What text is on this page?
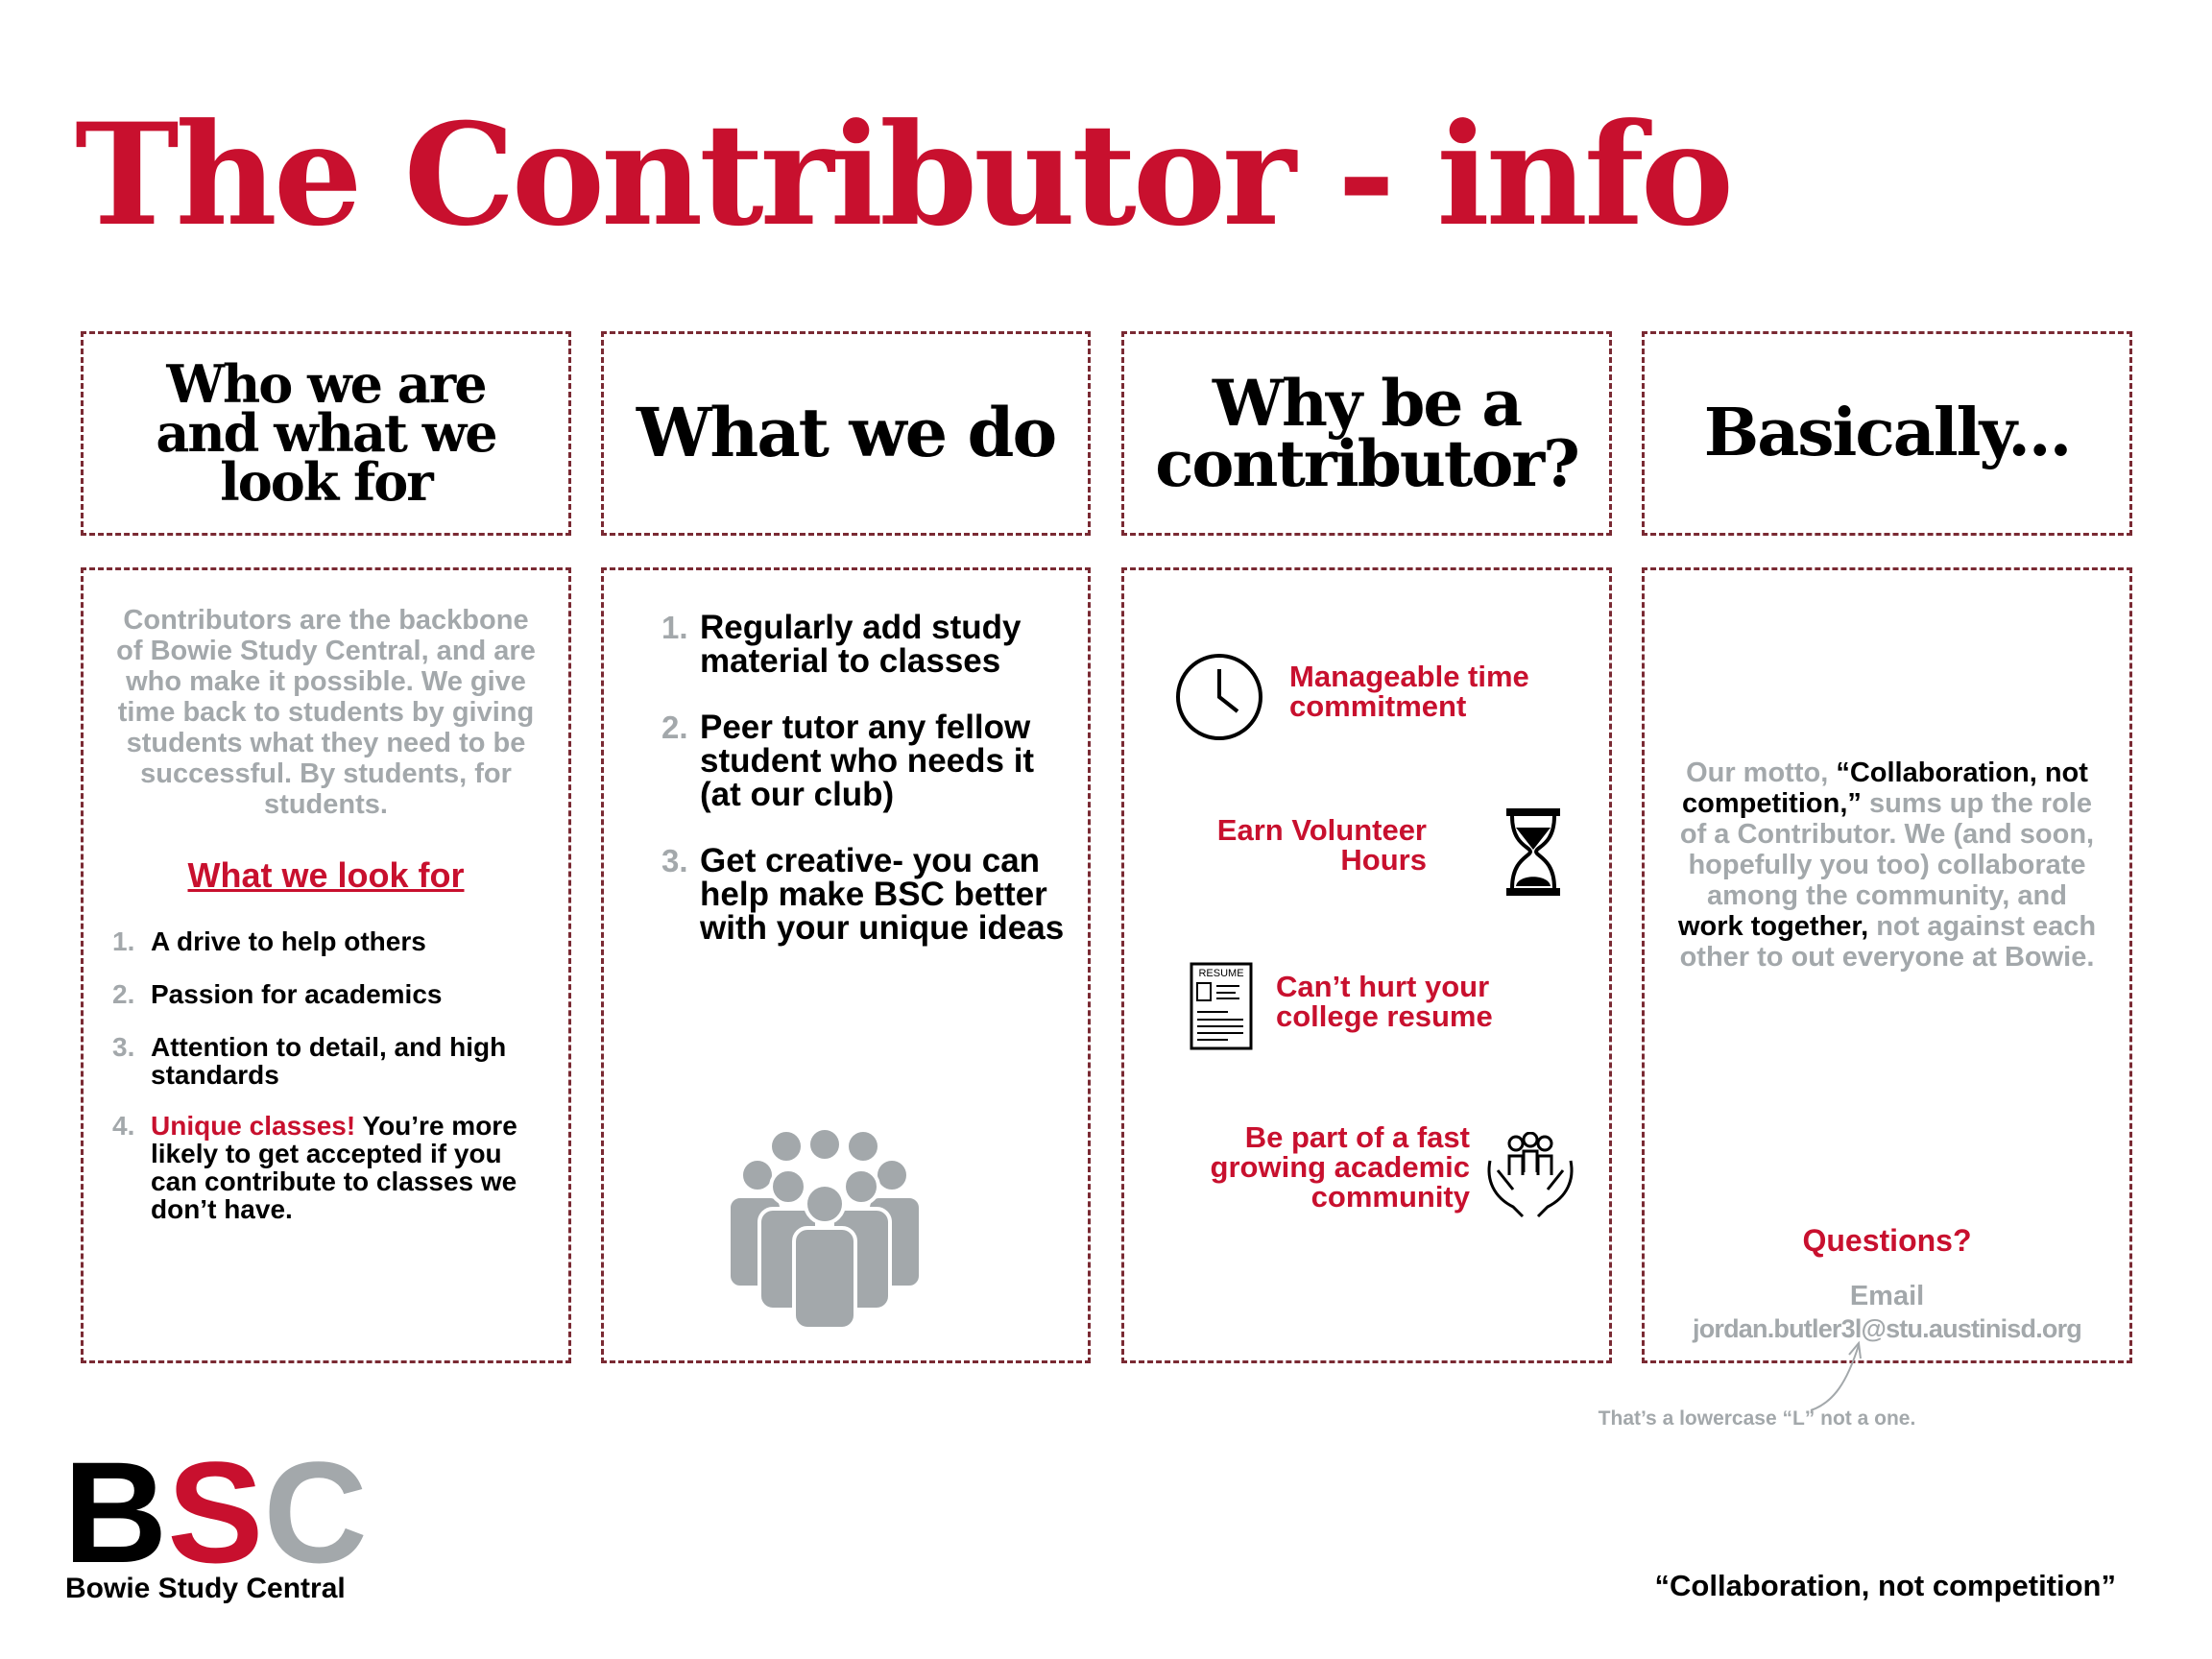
The Contributor - info
Who we are and what we look for
What we do	Why be a contributor? Basically...
Contributors are the backbone of Bowie Study Central, and are who make it possible. We give time back to students by giving students what they need to be successful. By students, for students.
What we look for
1. A drive to help others
2. Passion for academics
3. Attention to detail, and high standards
4. Unique classes! You’re more likely to get accepted if you can contribute to classes we don’t have.
1. Regularly add study material to classes
2. Peer tutor any fellow student who needs it (at our club)
3. Get creative- you can help make BSC better with your unique ideas
Manageable time commitment
Earn Volunteer Hours
RESUME Can’t hurt your college resume
Be part of a fast growing academic community
Our motto, “Collaboration, not competition,” sums up the role of a Contributor. We (and soon, hopefully you too) collaborate among the community, and work together, not against each other to out everyone at Bowie.
Questions?
Email
jordan.butler3l@stu.austinisd.org
That’s a lowercase “L” not a one.
BSC
Bowie Study Central	“Collaboration, not competition”
